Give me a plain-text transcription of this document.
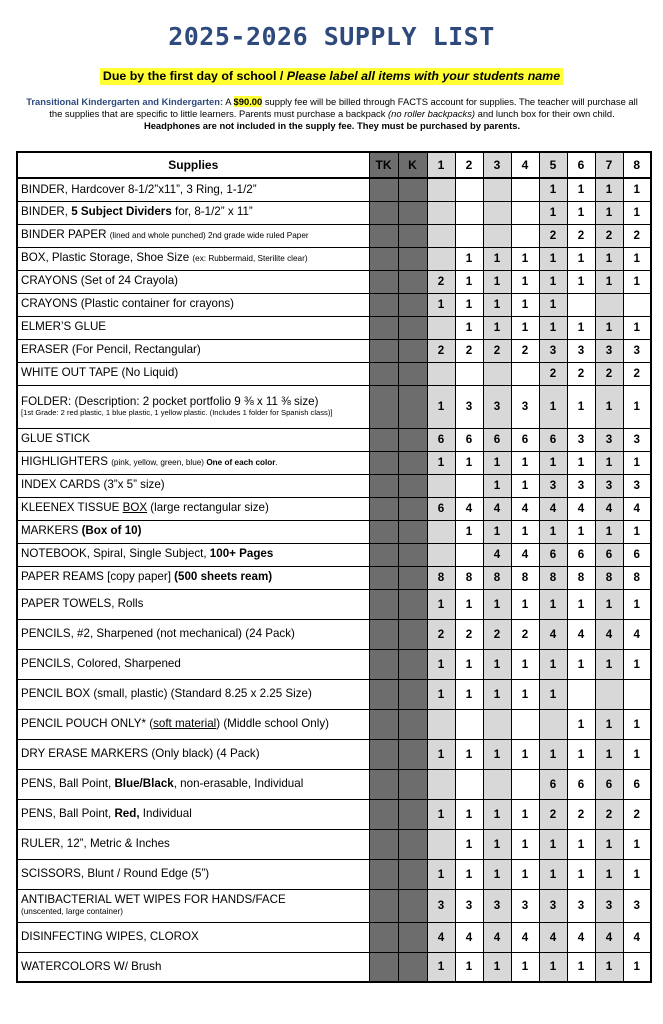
2025-2026 SUPPLY LIST
Due by the first day of school / Please label all items with your students name
Transitional Kindergarten and Kindergarten: A $90.00 supply fee will be billed through FACTS account for supplies. The teacher will purchase all the supplies that are specific to little learners. Parents must purchase a backpack (no roller backpacks) and lunch box for their own child. Headphones are not included in the supply fee. They must be purchased by parents.
Supplies	TK	K	1	2	3	4	5	6	7	8
BINDER, Hardcover 8-1/2”x11”, 3 Ring, 1-1/2”							1	1	1	1
BINDER, 5 Subject Dividers for, 8-1/2” x 11”							1	1	1	1
BINDER PAPER (lined and whole punched) 2nd grade wide ruled Paper							2	2	2	2
BOX, Plastic Storage, Shoe Size (ex: Rubbermaid, Sterilite clear)				1	1	1	1	1	1	1
CRAYONS (Set of 24 Crayola)			2	1	1	1	1	1	1	1
CRAYONS (Plastic container for crayons)			1	1	1	1	1			
ELMER’S GLUE				1	1	1	1	1	1	1
ERASER (For Pencil, Rectangular)			2	2	2	2	3	3	3	3
WHITE OUT TAPE (No Liquid)							2	2	2	2
FOLDER: (Description: 2 pocket portfolio 9 ⅜ x 11 ⅜ size)
[1st Grade: 2 red plastic, 1 blue plastic, 1 yellow plastic. (Includes 1 folder for Spanish class)]			1	3	3	3	1	1	1	1
GLUE STICK			6	6	6	6	6	3	3	3
HIGHLIGHTERS (pink, yellow, green, blue) One of each color.			1	1	1	1	1	1	1	1
INDEX CARDS (3”x 5” size)					1	1	3	3	3	3
KLEENEX TISSUE BOX (large rectangular size)			6	4	4	4	4	4	4	4
MARKERS (Box of 10)				1	1	1	1	1	1	1
NOTEBOOK, Spiral, Single Subject, 100+ Pages					4	4	6	6	6	6
PAPER REAMS [copy paper] (500 sheets ream)			8	8	8	8	8	8	8	8
PAPER TOWELS, Rolls			1	1	1	1	1	1	1	1
PENCILS, #2, Sharpened (not mechanical) (24 Pack)			2	2	2	2	4	4	4	4
PENCILS, Colored, Sharpened			1	1	1	1	1	1	1	1
PENCIL BOX (small, plastic) (Standard 8.25 x 2.25 Size)			1	1	1	1	1			
PENCIL POUCH ONLY* (soft material) (Middle school Only)								1	1	1
DRY ERASE MARKERS (Only black) (4 Pack)			1	1	1	1	1	1	1	1
PENS, Ball Point, Blue/Black, non-erasable, Individual							6	6	6	6
PENS, Ball Point, Red, Individual			1	1	1	1	2	2	2	2
RULER, 12”, Metric & Inches				1	1	1	1	1	1	1
SCISSORS, Blunt / Round Edge (5”)			1	1	1	1	1	1	1	1
ANTIBACTERIAL WET WIPES FOR HANDS/FACE
(unscented, large container)			3	3	3	3	3	3	3	3
DISINFECTING WIPES, CLOROX			4	4	4	4	4	4	4	4
WATERCOLORS W/ Brush			1	1	1	1	1	1	1	1
